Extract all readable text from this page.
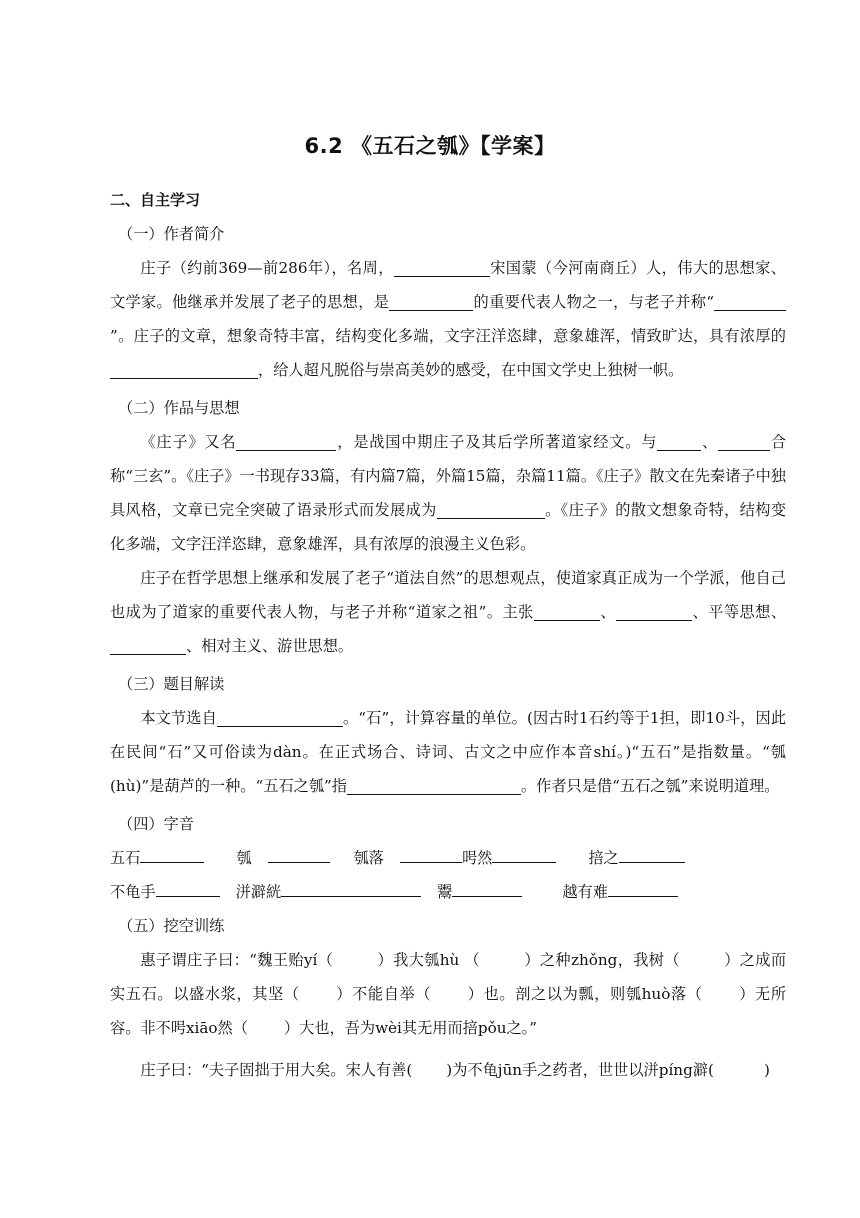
6.2 《五石之瓠》【学案】
二、自主学习
（一）作者简介
庄子（约前369—前286年），名周，	宋国蒙（今河南商丘）人，伟大的思想家、文学家。他继承并发展了老子的思想，是	的重要代表人物之一，与老子并称“”。庄子的文章，想象奇特丰富，结构变化多端，文字汪洋恣肆，意象雄浑，情致旷达，具有浓厚的，给人超凡脱俗与崇高美妙的感受，在中国文学史上独树一帜。
（二）作品与思想
《庄子》又名	，是战国中期庄子及其后学所著道家经文。与	、	合称“三玄”。《庄子》一书现存33篇，有内篇7篇，外篇15篇，杂篇11篇。《庄子》散文在先秦诸子中独具风格，文章已完全突破了语录形式而发展成为	。《庄子》的散文想象奇特，结构变化多端，文字汪洋恣肆，意象雄浑，具有浓厚的浪漫主义色彩。
庄子在哲学思想上继承和发展了老子“道法自然”的思想观点，使道家真正成为一个学派，他自己也成为了道家的重要代表人物，与老子并称“道家之祖”。主张	、	、平等思想、、相对主义、游世思想。
（三）题目解读
本文节选自	。“石”，计算容量的单位。(因古时1石约等于1担，即10斗，因此在民间“石”又可俗读为dàn。在正式场合、诗词、古文之中应作本音shí。)“五石”是指数量。“瓠(hù)”是葫芦的一种。“五石之瓠”指	。作者只是借“五石之瓠”来说明道理。
（四）字音
五石	瓠	瓠落	呺然	掊之
不龟手	洴澼絖	鬻	越有难
（五）挖空训练
惠子谓庄子曰：“魏王贻yí（	）我大瓠hù （	）之种zhǒng，我树（	）之成而实五石。以盛水浆，其坚（ ）不能自举（ ）也。剖之以为瓢，则瓠huò落（ ）无所容。非不呺xiāo然（ ）大也，吾为wèi其无用而掊pǒu之。”
庄子曰：“夫子固拙于用大矣。宋人有善( )为不龟jūn手之药者，世世以洴píng澼(	)
